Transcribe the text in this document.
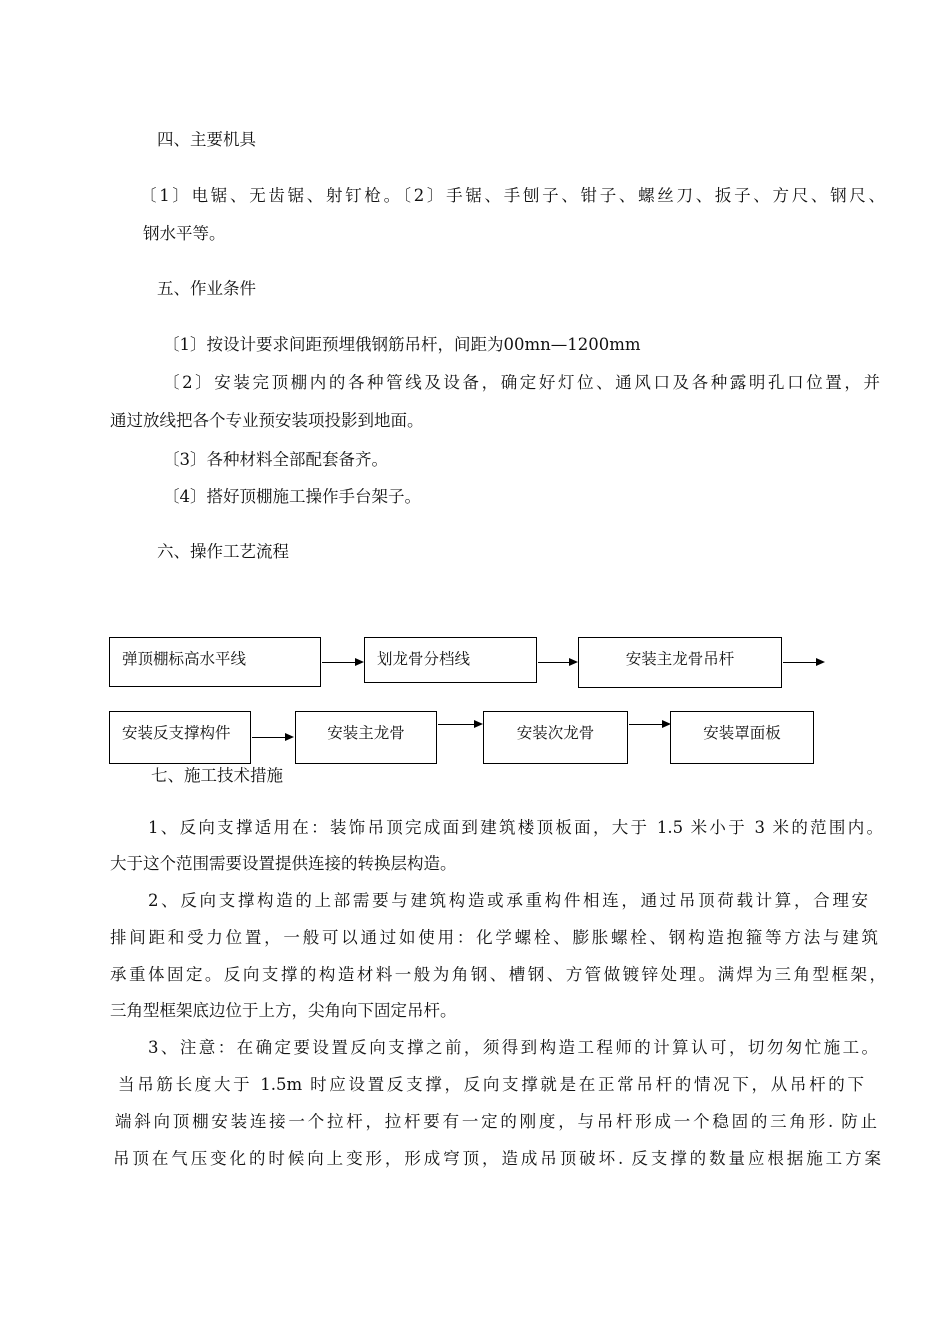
四、主要机具
〔1〕电锯、无齿锯、射钉枪。〔2〕手锯、手刨子、钳子、螺丝刀、扳子、方尺、钢尺、
钢水平等。
五、作业条件
〔1〕按设计要求间距预埋俄钢筋吊杆，间距为00mn—1200mm
〔2〕安装完顶棚内的各种管线及设备，确定好灯位、通风口及各种露明孔口位置，并
通过放线把各个专业预安装项投影到地面。
〔3〕各种材料全部配套备齐。
〔4〕搭好顶棚施工操作手台架子。
六、操作工艺流程
弹顶棚标高水平线	划龙骨分档线	安装主龙骨吊杆
安装反支撑构件	安装主龙骨	安装次龙骨	安装罩面板
七、施工技术措施
1、反向支撑适用在：装饰吊顶完成面到建筑楼顶板面，大于 1.5 米小于 3 米的范围内。
大于这个范围需要设置提供连接的转换层构造。
2、反向支撑构造的上部需要与建筑构造或承重构件相连，通过吊顶荷载计算，合理安
排间距和受力位置，一般可以通过如使用：化学螺栓、膨胀螺栓、钢构造抱箍等方法与建筑
承重体固定。反向支撑的构造材料一般为角钢、槽钢、方管做镀锌处理。满焊为三角型框架，
三角型框架底边位于上方，尖角向下固定吊杆。
3、注意：在确定要设置反向支撑之前，须得到构造工程师的计算认可，切勿匆忙施工。
当吊筋长度大于 1.5m 时应设置反支撑，反向支撑就是在正常吊杆的情况下，从吊杆的下
端斜向顶棚安装连接一个拉杆，拉杆要有一定的刚度，与吊杆形成一个稳固的三角形. 防止
吊顶在气压变化的时候向上变形，形成穹顶，造成吊顶破坏. 反支撑的数量应根据施工方案
